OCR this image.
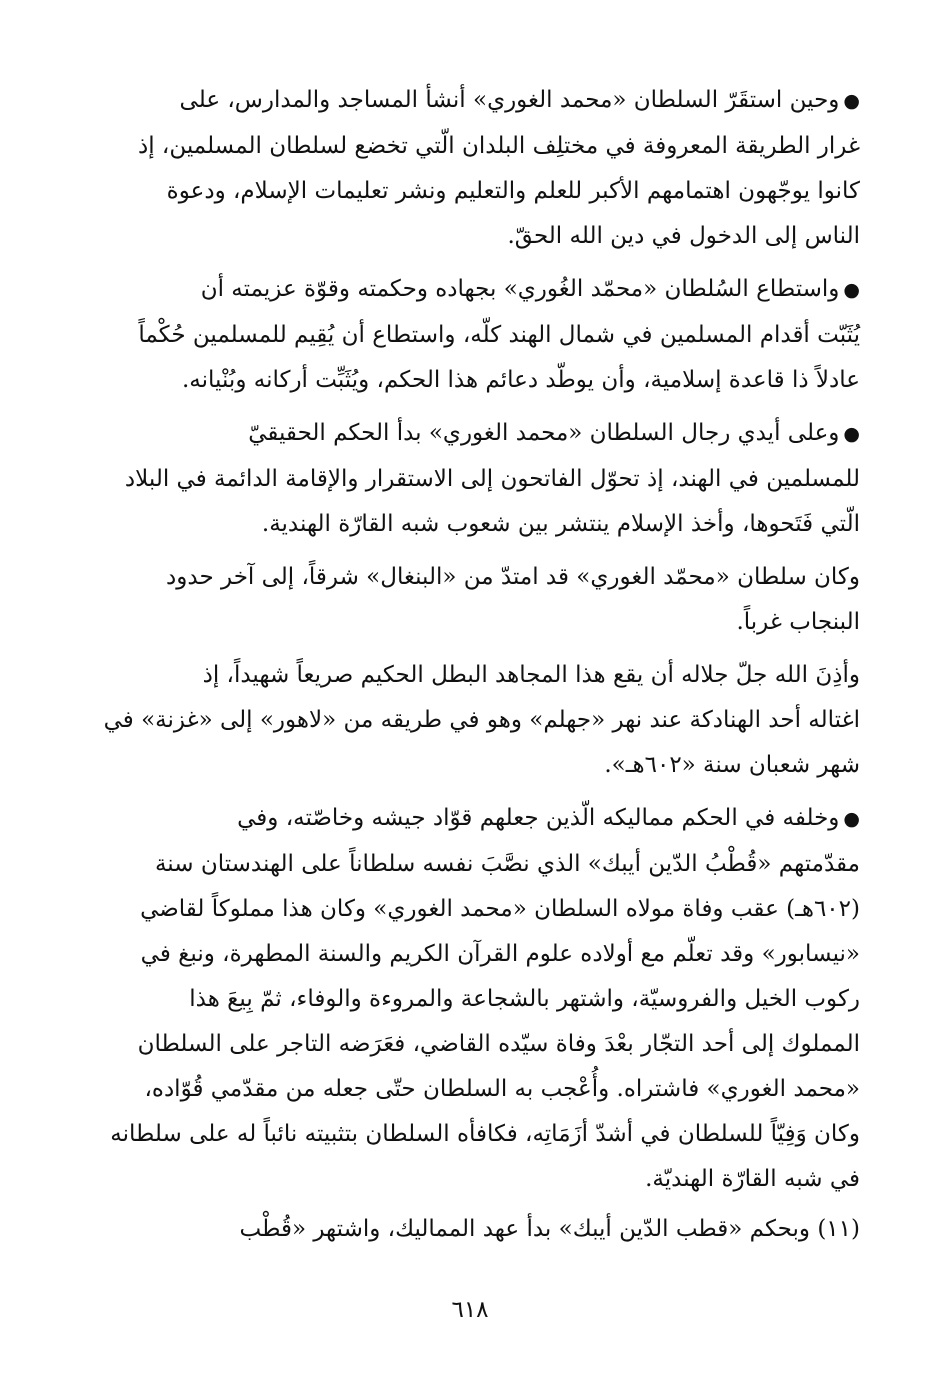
●وحين استقَرّ السلطان «محمد الغوري» أنشأ المساجد والمدارس، على
غرار الطريقة المعروفة في مختلِف البلدان الّتي تخضع لسلطان المسلمين، إذ
كانوا يوجّهون اهتمامهم الأكبر للعلم والتعليم ونشر تعليمات الإسلام، ودعوة
الناس إلى الدخول في دين الله الحقّ.

●واستطاع السُلطان «محمّد الغُوري» بجهاده وحكمته وقوّة عزيمته أن
يُثَبّت أقدام المسلمين في شمال الهند كلّه، واستطاع أن يُقِيم للمسلمين حُكْماً
عادلاً ذا قاعدة إسلامية، وأن يوطّد دعائم هذا الحكم، ويُثَبِّت أركانه وبُنْيانه.

●وعلى أيدي رجال السلطان «محمد الغوري» بدأ الحكم الحقيقيّ
للمسلمين في الهند، إذ تحوّل الفاتحون إلى الاستقرار والإقامة الدائمة في البلاد
الّتي فَتَحوها، وأخذ الإسلام ينتشر بين شعوب شبه القارّة الهندية.

وكان سلطان «محمّد الغوري» قد امتدّ من «البنغال» شرقاً، إلى آخر حدود
البنجاب غرباً.

وأذِنَ الله جلّ جلاله أن يقع هذا المجاهد البطل الحكيم صريعاً شهيداً، إذ
اغتاله أحد الهنادكة عند نهر «جهلم» وهو في طريقه من «لاهور» إلى «غزنة» في
شهر شعبان سنة «٦٠٢هـ».

●وخلفه في الحكم مماليكه الّذين جعلهم قوّاد جيشه وخاصّته، وفي
مقدّمتهم «قُطْبُ الدّين أيبك» الذي نصَّبَ نفسه سلطاناً على الهندستان سنة
(٦٠٢هـ) عقب وفاة مولاه السلطان «محمد الغوري» وكان هذا مملوكاً لقاضي
«نيسابور» وقد تعلّم مع أولاده علوم القرآن الكريم والسنة المطهرة، ونبغ في
ركوب الخيل والفروسيّة، واشتهر بالشجاعة والمروءة والوفاء، ثمّ بِيعَ هذا
المملوك إلى أحد التجّار بعْدَ وفاة سيّده القاضي، فعَرَضه التاجر على السلطان
«محمد الغوري» فاشتراه. وأُعْجب به السلطان حتّى جعله من مقدّمي قُوّاده،
وكان وَفِيّاً للسلطان في أشدّ أزَمَاتِه، فكافأه السلطان بتثبيته نائباً له على سلطانه
في شبه القارّة الهنديّة.

(١١) وبحكم «قطب الدّين أيبك» بدأ عهد المماليك، واشتهر «قُطْب

٦١٨
